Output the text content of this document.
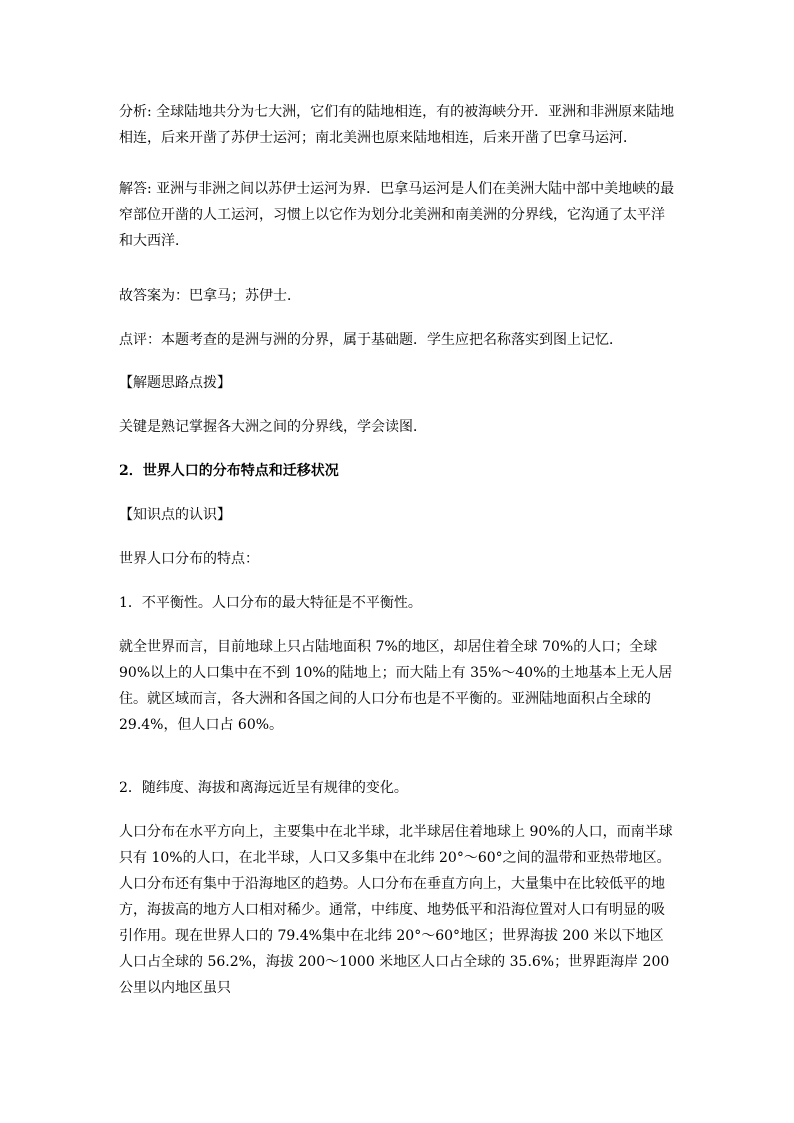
分析: 全球陆地共分为七大洲，它们有的陆地相连，有的被海峡分开．亚洲和非洲原来陆地相连，后来开凿了苏伊士运河；南北美洲也原来陆地相连，后来开凿了巴拿马运河．

解答: 亚洲与非洲之间以苏伊士运河为界．巴拿马运河是人们在美洲大陆中部中美地峡的最窄部位开凿的人工运河，习惯上以它作为划分北美洲和南美洲的分界线，它沟通了太平洋和大西洋．

故答案为：巴拿马；苏伊士．

点评：本题考查的是洲与洲的分界，属于基础题．学生应把名称落实到图上记忆．

【解题思路点拨】

关键是熟记掌握各大洲之间的分界线，学会读图．

2．世界人口的分布特点和迁移状况

【知识点的认识】

世界人口分布的特点：

1．不平衡性。人口分布的最大特征是不平衡性。

就全世界而言，目前地球上只占陆地面积 7%的地区，却居住着全球 70%的人口；全球 90%以上的人口集中在不到 10%的陆地上；而大陆上有 35%～40%的土地基本上无人居住。就区域而言，各大洲和各国之间的人口分布也是不平衡的。亚洲陆地面积占全球的 29.4%，但人口占 60%。

2．随纬度、海拔和离海远近呈有规律的变化。

人口分布在水平方向上，主要集中在北半球，北半球居住着地球上 90%的人口，而南半球只有 10%的人口，在北半球，人口又多集中在北纬 20°～60°之间的温带和亚热带地区。人口分布还有集中于沿海地区的趋势。人口分布在垂直方向上，大量集中在比较低平的地方，海拔高的地方人口相对稀少。通常，中纬度、地势低平和沿海位置对人口有明显的吸引作用。现在世界人口的 79.4%集中在北纬 20°～60°地区；世界海拔 200 米以下地区人口占全球的 56.2%，海拔 200～1000 米地区人口占全球的 35.6%；世界距海岸 200 公里以内地区虽只
